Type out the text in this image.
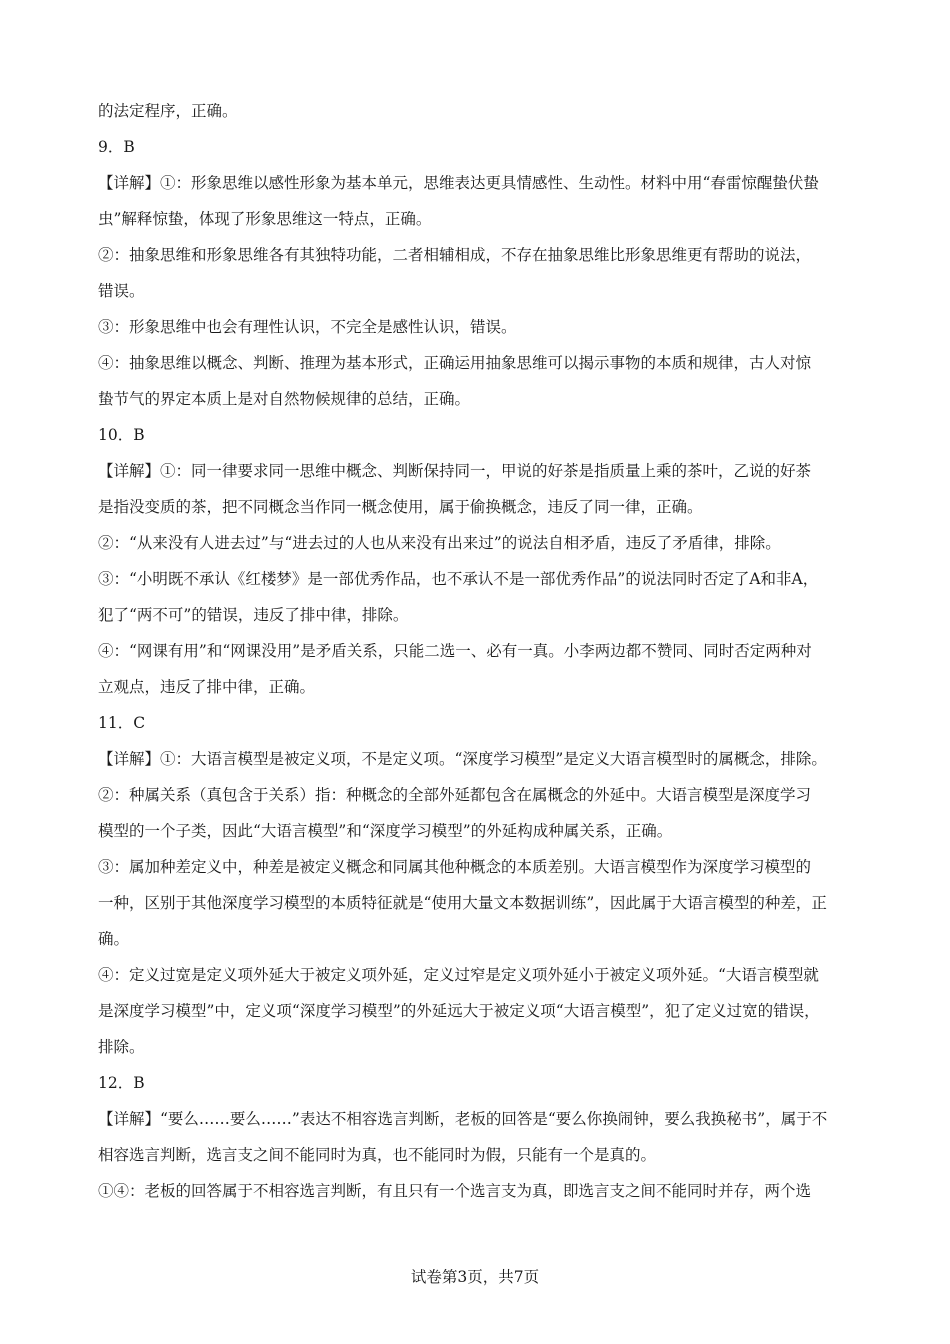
的法定程序，正确。
9．B
【详解】①：形象思维以感性形象为基本单元，思维表达更具情感性、生动性。材料中用“春雷惊醒蛰伏蛰
虫”解释惊蛰，体现了形象思维这一特点，正确。
②：抽象思维和形象思维各有其独特功能，二者相辅相成，不存在抽象思维比形象思维更有帮助的说法，
错误。
③：形象思维中也会有理性认识，不完全是感性认识，错误。
④：抽象思维以概念、判断、推理为基本形式，正确运用抽象思维可以揭示事物的本质和规律，古人对惊
蛰节气的界定本质上是对自然物候规律的总结，正确。
10．B
【详解】①：同一律要求同一思维中概念、判断保持同一，甲说的好茶是指质量上乘的茶叶，乙说的好茶
是指没变质的茶，把不同概念当作同一概念使用，属于偷换概念，违反了同一律，正确。
②：“从来没有人进去过”与“进去过的人也从来没有出来过”的说法自相矛盾，违反了矛盾律，排除。
③：“小明既不承认《红楼梦》是一部优秀作品，也不承认不是一部优秀作品”的说法同时否定了A和非A，
犯了“两不可”的错误，违反了排中律，排除。
④：“网课有用”和“网课没用”是矛盾关系，只能二选一、必有一真。小李两边都不赞同、同时否定两种对
立观点，违反了排中律，正确。
11．C
【详解】①：大语言模型是被定义项，不是定义项。“深度学习模型”是定义大语言模型时的属概念，排除。
②：种属关系（真包含于关系）指：种概念的全部外延都包含在属概念的外延中。大语言模型是深度学习
模型的一个子类，因此“大语言模型”和“深度学习模型”的外延构成种属关系，正确。
③：属加种差定义中，种差是被定义概念和同属其他种概念的本质差别。大语言模型作为深度学习模型的
一种，区别于其他深度学习模型的本质特征就是“使用大量文本数据训练”，因此属于大语言模型的种差，正
确。
④：定义过宽是定义项外延大于被定义项外延，定义过窄是定义项外延小于被定义项外延。“大语言模型就
是深度学习模型”中，定义项“深度学习模型”的外延远大于被定义项“大语言模型”，犯了定义过宽的错误，
排除。
12．B
【详解】“要么……要么……”表达不相容选言判断，老板的回答是“要么你换闹钟，要么我换秘书”，属于不
相容选言判断，选言支之间不能同时为真，也不能同时为假，只能有一个是真的。
①④：老板的回答属于不相容选言判断，有且只有一个选言支为真，即选言支之间不能同时并存，两个选
试卷第3页，共7页
